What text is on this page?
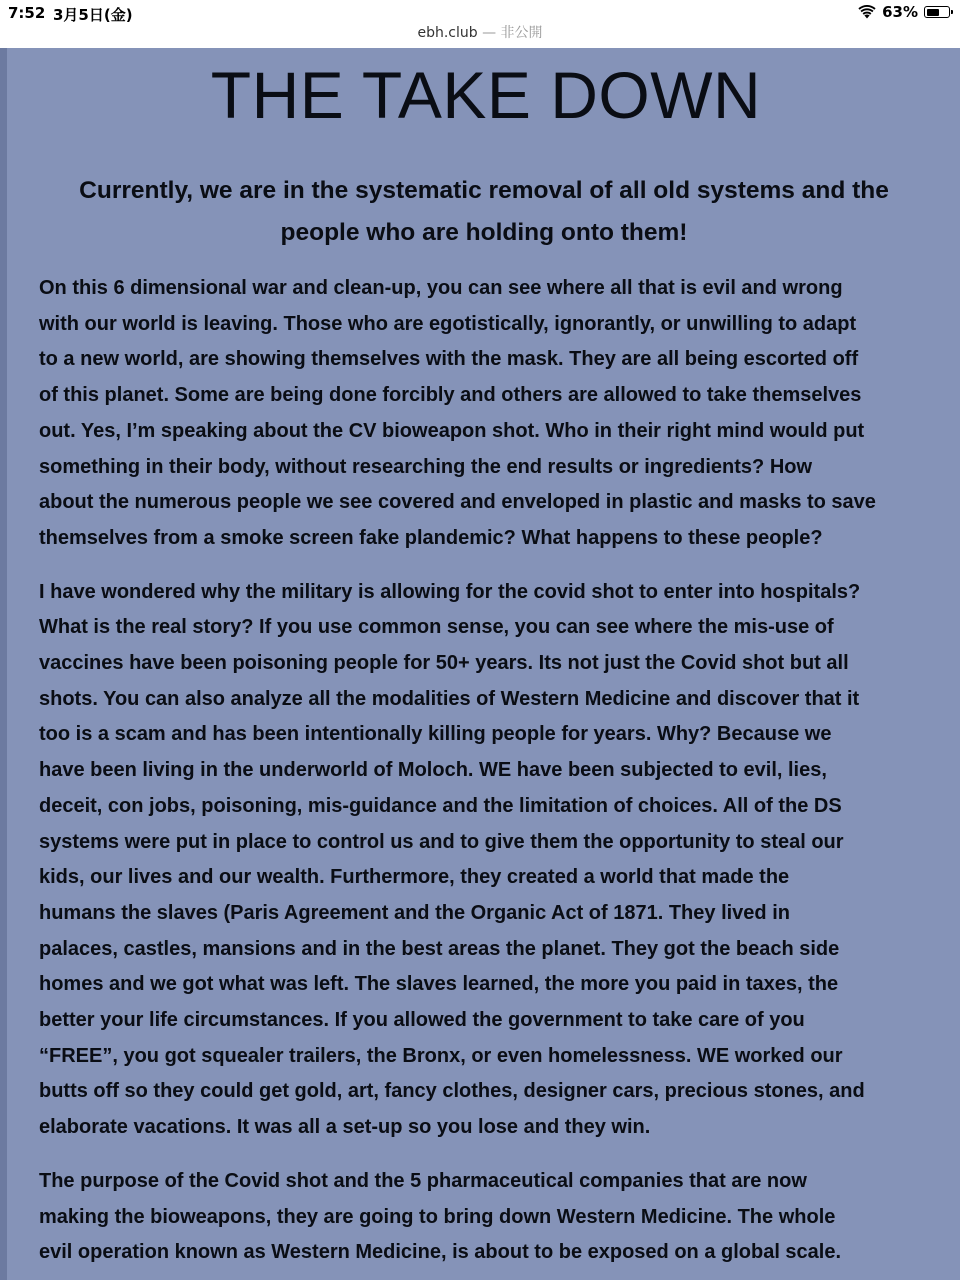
7:52 3月5日(金)	63%
ebh.club — 非公開
THE TAKE DOWN
Currently, we are in the systematic removal of all old systems and the
people who are holding onto them!

On this 6 dimensional war and clean-up, you can see where all that is evil and wrong
with our world is leaving. Those who are egotistically, ignorantly, or unwilling to adapt
to a new world, are showing themselves with the mask. They are all being escorted off
of this planet. Some are being done forcibly and others are allowed to take themselves
out. Yes, I’m speaking about the CV bioweapon shot. Who in their right mind would put
something in their body, without researching the end results or ingredients? How
about the numerous people we see covered and enveloped in plastic and masks to save
themselves from a smoke screen fake plandemic? What happens to these people?

I have wondered why the military is allowing for the covid shot to enter into hospitals?
What is the real story? If you use common sense, you can see where the mis-use of
vaccines have been poisoning people for 50+ years. Its not just the Covid shot but all
shots. You can also analyze all the modalities of Western Medicine and discover that it
too is a scam and has been intentionally killing people for years. Why? Because we
have been living in the underworld of Moloch. WE have been subjected to evil, lies,
deceit, con jobs, poisoning, mis-guidance and the limitation of choices. All of the DS
systems were put in place to control us and to give them the opportunity to steal our
kids, our lives and our wealth. Furthermore, they created a world that made the
humans the slaves (Paris Agreement and the Organic Act of 1871. They lived in
palaces, castles, mansions and in the best areas the planet. They got the beach side
homes and we got what was left. The slaves learned, the more you paid in taxes, the
better your life circumstances. If you allowed the government to take care of you
“FREE”, you got squealer trailers, the Bronx, or even homelessness. WE worked our
butts off so they could get gold, art, fancy clothes, designer cars, precious stones, and
elaborate vacations. It was all a set-up so you lose and they win.

The purpose of the Covid shot and the 5 pharmaceutical companies that are now
making the bioweapons, they are going to bring down Western Medicine. The whole
evil operation known as Western Medicine, is about to be exposed on a global scale.
